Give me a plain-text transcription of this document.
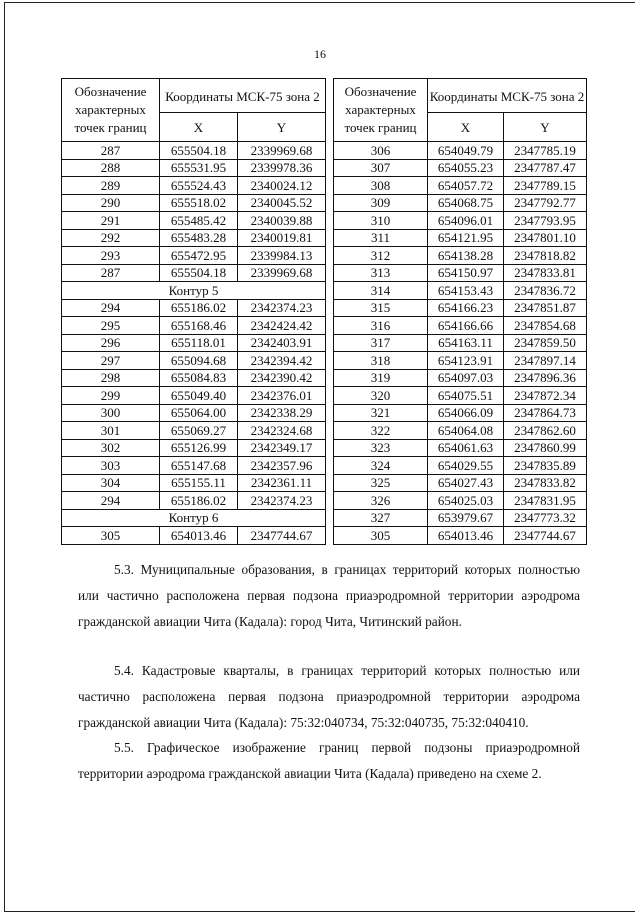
16
Обозначение характерных точек границ	Координаты МСК-75 зона 2	
	X	Y
287	655504.18	2339969.68
288	655531.95	2339978.36
289	655524.43	2340024.12
290	655518.02	2340045.52
291	655485.42	2340039.88
292	655483.28	2340019.81
293	655472.95	2339984.13
287	655504.18	2339969.68
Контур 5		
294	655186.02	2342374.23
295	655168.46	2342424.42
296	655118.01	2342403.91
297	655094.68	2342394.42
298	655084.83	2342390.42
299	655049.40	2342376.01
300	655064.00	2342338.29
301	655069.27	2342324.68
302	655126.99	2342349.17
303	655147.68	2342357.96
304	655155.11	2342361.11
294	655186.02	2342374.23
Контур 6		
305	654013.46	2347744.67
Обозначение характерных точек границ	Координаты МСК-75 зона 2	
	X	Y
306	654049.79	2347785.19
307	654055.23	2347787.47
308	654057.72	2347789.15
309	654068.75	2347792.77
310	654096.01	2347793.95
311	654121.95	2347801.10
312	654138.28	2347818.82
313	654150.97	2347833.81
314	654153.43	2347836.72
315	654166.23	2347851.87
316	654166.66	2347854.68
317	654163.11	2347859.50
318	654123.91	2347897.14
319	654097.03	2347896.36
320	654075.51	2347872.34
321	654066.09	2347864.73
322	654064.08	2347862.60
323	654061.63	2347860.99
324	654029.55	2347835.89
325	654027.43	2347833.82
326	654025.03	2347831.95
327	653979.67	2347773.32
305	654013.46	2347744.67
5.3. Муниципальные образования, в границах территорий которых полностью или частично расположена первая подзона приаэродромной территории аэродрома гражданской авиации Чита (Кадала): город Чита, Читинский район.
5.4. Кадастровые кварталы, в границах территорий которых полностью или частично расположена первая подзона приаэродромной территории аэродрома гражданской авиации Чита (Кадала): 75:32:040734, 75:32:040735, 75:32:040410.
5.5. Графическое изображение границ первой подзоны приаэродромной территории аэродрома гражданской авиации Чита (Кадала) приведено на схеме 2.
